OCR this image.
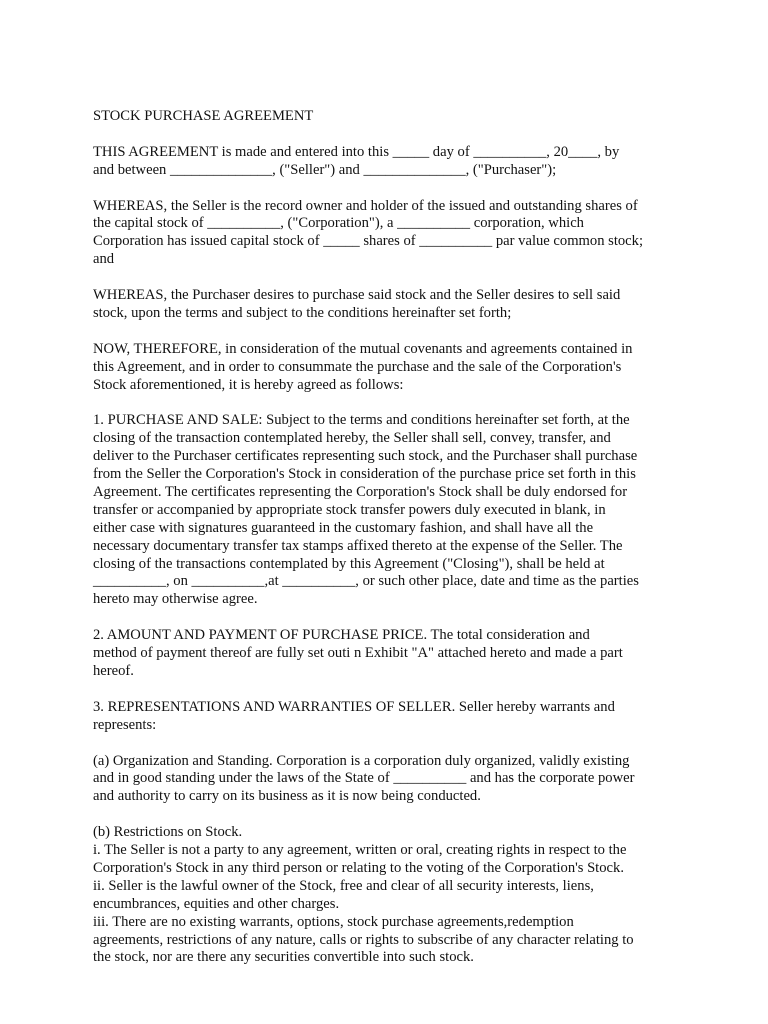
STOCK PURCHASE AGREEMENT
THIS AGREEMENT is made and entered into this _____ day of __________, 20____, by
and between ______________, ("Seller") and ______________, ("Purchaser");
WHEREAS, the Seller is the record owner and holder of the issued and outstanding shares of
the capital stock of __________, ("Corporation"), a __________ corporation, which
Corporation has issued capital stock of _____ shares of __________ par value common stock;
and
WHEREAS, the Purchaser desires to purchase said stock and the Seller desires to sell said
stock, upon the terms and subject to the conditions hereinafter set forth;
NOW, THEREFORE, in consideration of the mutual covenants and agreements contained in
this Agreement, and in order to consummate the purchase and the sale of the Corporation's
Stock aforementioned, it is hereby agreed as follows:
1. PURCHASE AND SALE: Subject to the terms and conditions hereinafter set forth, at the
closing of the transaction contemplated hereby, the Seller shall sell, convey, transfer, and
deliver to the Purchaser certificates representing such stock, and the Purchaser shall purchase
from the Seller the Corporation's Stock in consideration of the purchase price set forth in this
Agreement. The certificates representing the Corporation's Stock shall be duly endorsed for
transfer or accompanied by appropriate stock transfer powers duly executed in blank, in
either case with signatures guaranteed in the customary fashion, and shall have all the
necessary documentary transfer tax stamps affixed thereto at the expense of the Seller. The
closing of the transactions contemplated by this Agreement ("Closing"), shall be held at
__________, on __________,at __________, or such other place, date and time as the parties
hereto may otherwise agree.
2. AMOUNT AND PAYMENT OF PURCHASE PRICE. The total consideration and
method of payment thereof are fully set outi n Exhibit "A" attached hereto and made a part
hereof.
3. REPRESENTATIONS AND WARRANTIES OF SELLER. Seller hereby warrants and
represents:
(a) Organization and Standing. Corporation is a corporation duly organized, validly existing
and in good standing under the laws of the State of __________ and has the corporate power
and authority to carry on its business as it is now being conducted.
(b) Restrictions on Stock.
i. The Seller is not a party to any agreement, written or oral, creating rights in respect to the
Corporation's Stock in any third person or relating to the voting of the Corporation's Stock.
ii. Seller is the lawful owner of the Stock, free and clear of all security interests, liens,
encumbrances, equities and other charges.
iii. There are no existing warrants, options, stock purchase agreements,redemption
agreements, restrictions of any nature, calls or rights to subscribe of any character relating to
the stock, nor are there any securities convertible into such stock.
